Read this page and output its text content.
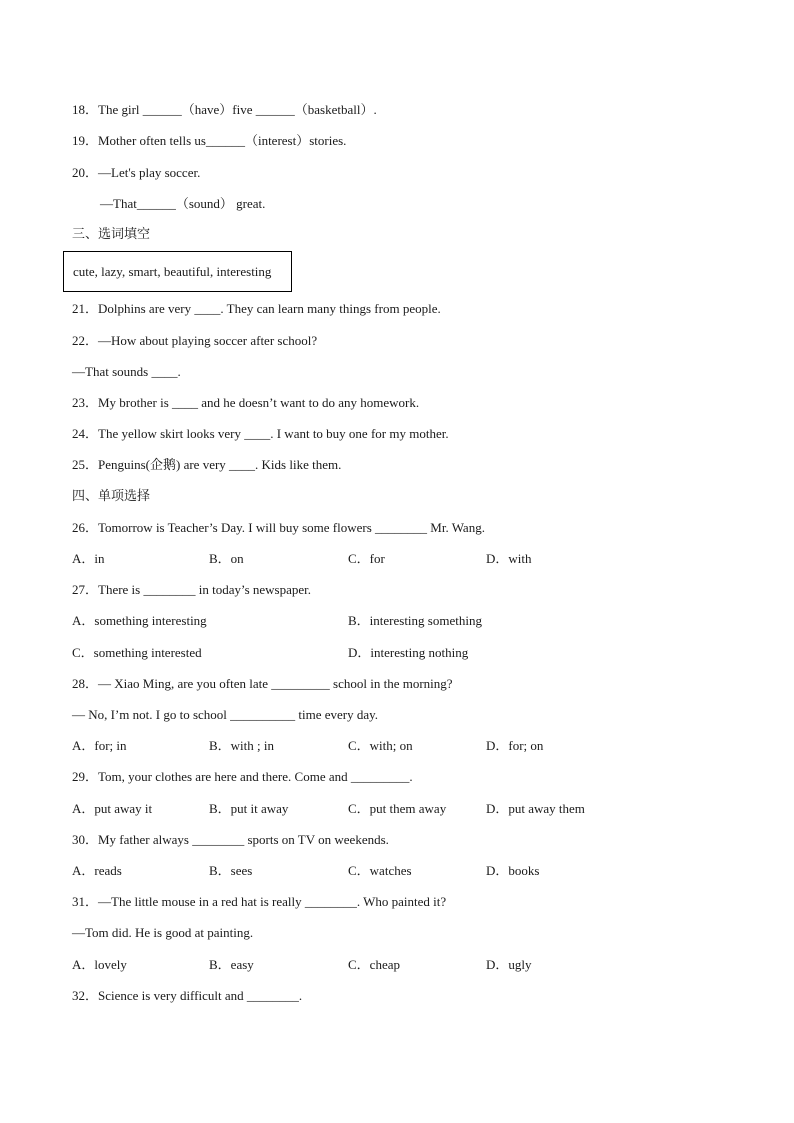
18．The girl ______（have）five ______（basketball）.
19．Mother often tells us______（interest）stories.
20．—Let's play soccer.
—That______（sound） great.
三、选词填空
cute, lazy, smart, beautiful, interesting
21．Dolphins are very ____. They can learn many things from people.
22．—How about playing soccer after school?
—That sounds ____.
23．My brother is ____ and he doesn’t want to do any homework.
24．The yellow skirt looks very ____. I want to buy one for my mother.
25．Penguins(企鹅) are very ____. Kids like them.
四、单项选择
26．Tomorrow is Teacher’s Day. I will buy some flowers ________ Mr. Wang.
A．in	B．on	C．for	D．with
27．There is ________ in today’s newspaper.
A．something interesting	B．interesting something
C．something interested	D．interesting nothing
28．— Xiao Ming, are you often late _________ school in the morning?
— No, I’m not. I go to school __________ time every day.
A．for; in	B．with ; in	C．with; on	D．for; on
29．Tom, your clothes are here and there. Come and _________.
A．put away it	B．put it away	C．put them away	D．put away them
30．My father always ________ sports on TV on weekends.
A．reads	B．sees	C．watches	D．books
31．—The little mouse in a red hat is really ________. Who painted it?
—Tom did. He is good at painting.
A．lovely	B．easy	C．cheap	D．ugly
32．Science is very difficult and ________.
